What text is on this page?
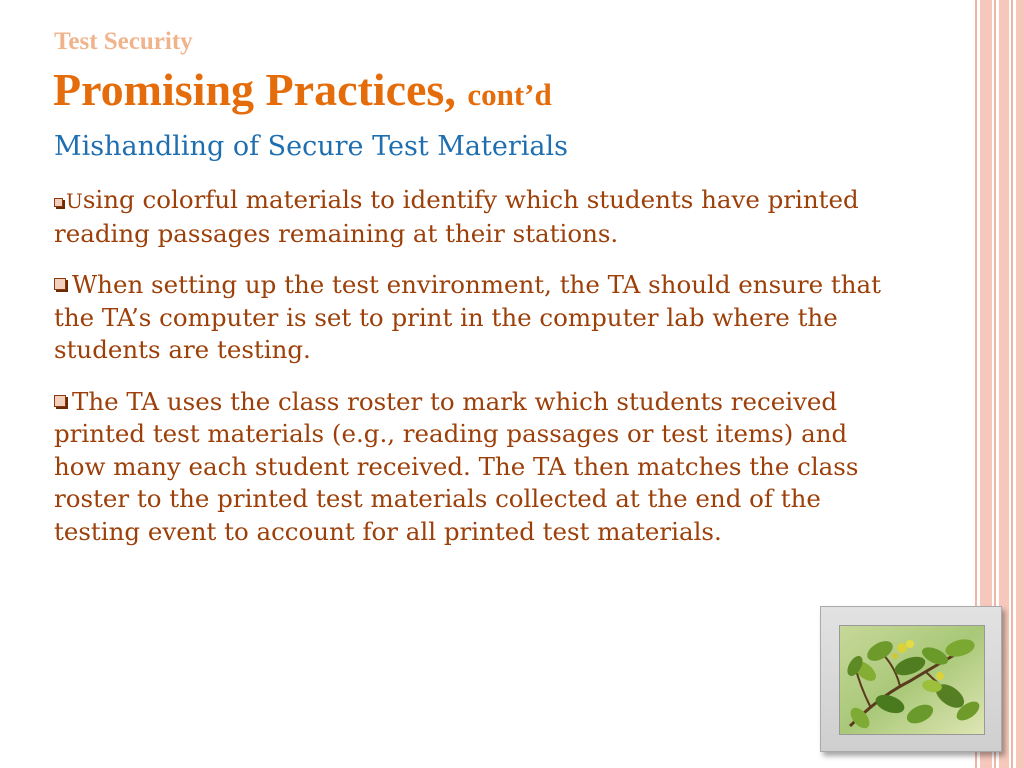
Test Security
Promising Practices, cont’d
Mishandling of Secure Test Materials

Using colorful materials to identify which students have printed reading passages remaining at their stations.

When setting up the test environment, the TA should ensure that the TA’s computer is set to print in the computer lab where the students are testing.

The TA uses the class roster to mark which students received printed test materials (e.g., reading passages or test items) and how many each student received. The TA then matches the class roster to the printed test materials collected at the end of the testing event to account for all printed test materials.
